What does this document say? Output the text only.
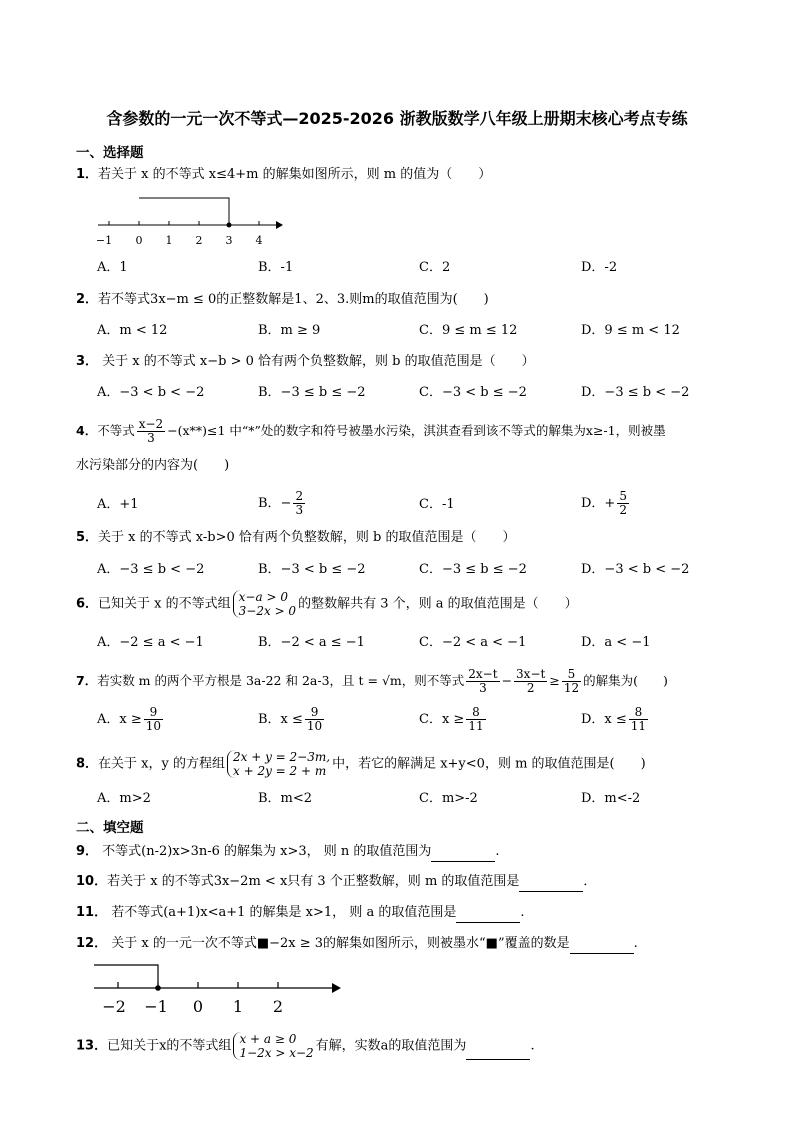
含参数的一元一次不等式—2025-2026 浙教版数学八年级上册期末核心考点专练
一、选择题
1．若关于 x 的不等式 x≤4+m 的解集如图所示，则 m 的值为（　　）
−1 0 1 2 3 4
A．1	B．-1	C．2	D．-2
2．若不等式3x−m ≤ 0的正整数解是1、2、3.则m的取值范围为(　　)
A．m < 12	B．m ≥ 9	C．9 ≤ m ≤ 12	D．9 ≤ m < 12
3． 关于 x 的不等式 x−b > 0 恰有两个负整数解，则 b 的取值范围是（　　）
A．−3 < b < −2	B．−3 ≤ b ≤ −2	C．−3 < b ≤ −2	D．−3 ≤ b < −2
4．不等式 $\frac{x-2}{3} -(x**)\le 1$ 中“*”处的数字和符号被墨水污染，淇淇查看到该不等式的解集为x≥-1，则被墨
水污染部分的内容为(　　)
A．+1	B．− $\frac{2}{3}$	C．-1	D．+ $\frac{5}{2}$
5．关于 x 的不等式 x-b>0 恰有两个负整数解，则 b 的取值范围是（　　）
A．−3 ≤ b < −2	B．−3 < b ≤ −2	C．−3 ≤ b ≤ −2	D．−3 < b < −2
6．已知关于 x 的不等式组 x−a > 0
3−2x > 0 的整数解共有 3 个，则 a 的取值范围是（　　）
A．−2 ≤ a < −1	B．−2 < a ≤ −1	C．−2 < a < −1	D．a < −1
7．若实数 m 的两个平方根是 3a-22 和 2a-3，且 t = √m，则不等式 $\frac{2x-t}{3} - \frac{3x-t}{2} \ge \frac{5}{12}$ 的解集为(　　)
A．$x \ge \frac{9}{10}$	B．$x \le \frac{9}{10}$	C．$x \ge \frac{8}{11}$	D．$x \le \frac{8}{11}$
8．在关于 x，y 的方程组 2x + y = 2−3m,
x + 2y = 2 + m 中，若它的解满足 x+y<0，则 m 的取值范围是(　　)
A．m>2	B．m<2	C．m>-2	D．m<-2
二、填空题
9． 不等式(n-2)x>3n-6 的解集为 x>3， 则 n 的取值范围为	.
10．若关于 x 的不等式3x−2m < x只有 3 个正整数解，则 m 的取值范围是	．
11． 若不等式(a+1)x<a+1 的解集是 x>1， 则 a 的取值范围是	.
12． 关于 x 的一元一次不等式■−2x ≥ 3的解集如图所示，则被墨水“■”覆盖的数是	.
−2 −1 0 1 2
13．已知关于x的不等式组 x + a ≥ 0
1−2x > x−2 有解，实数a的取值范围为	.
